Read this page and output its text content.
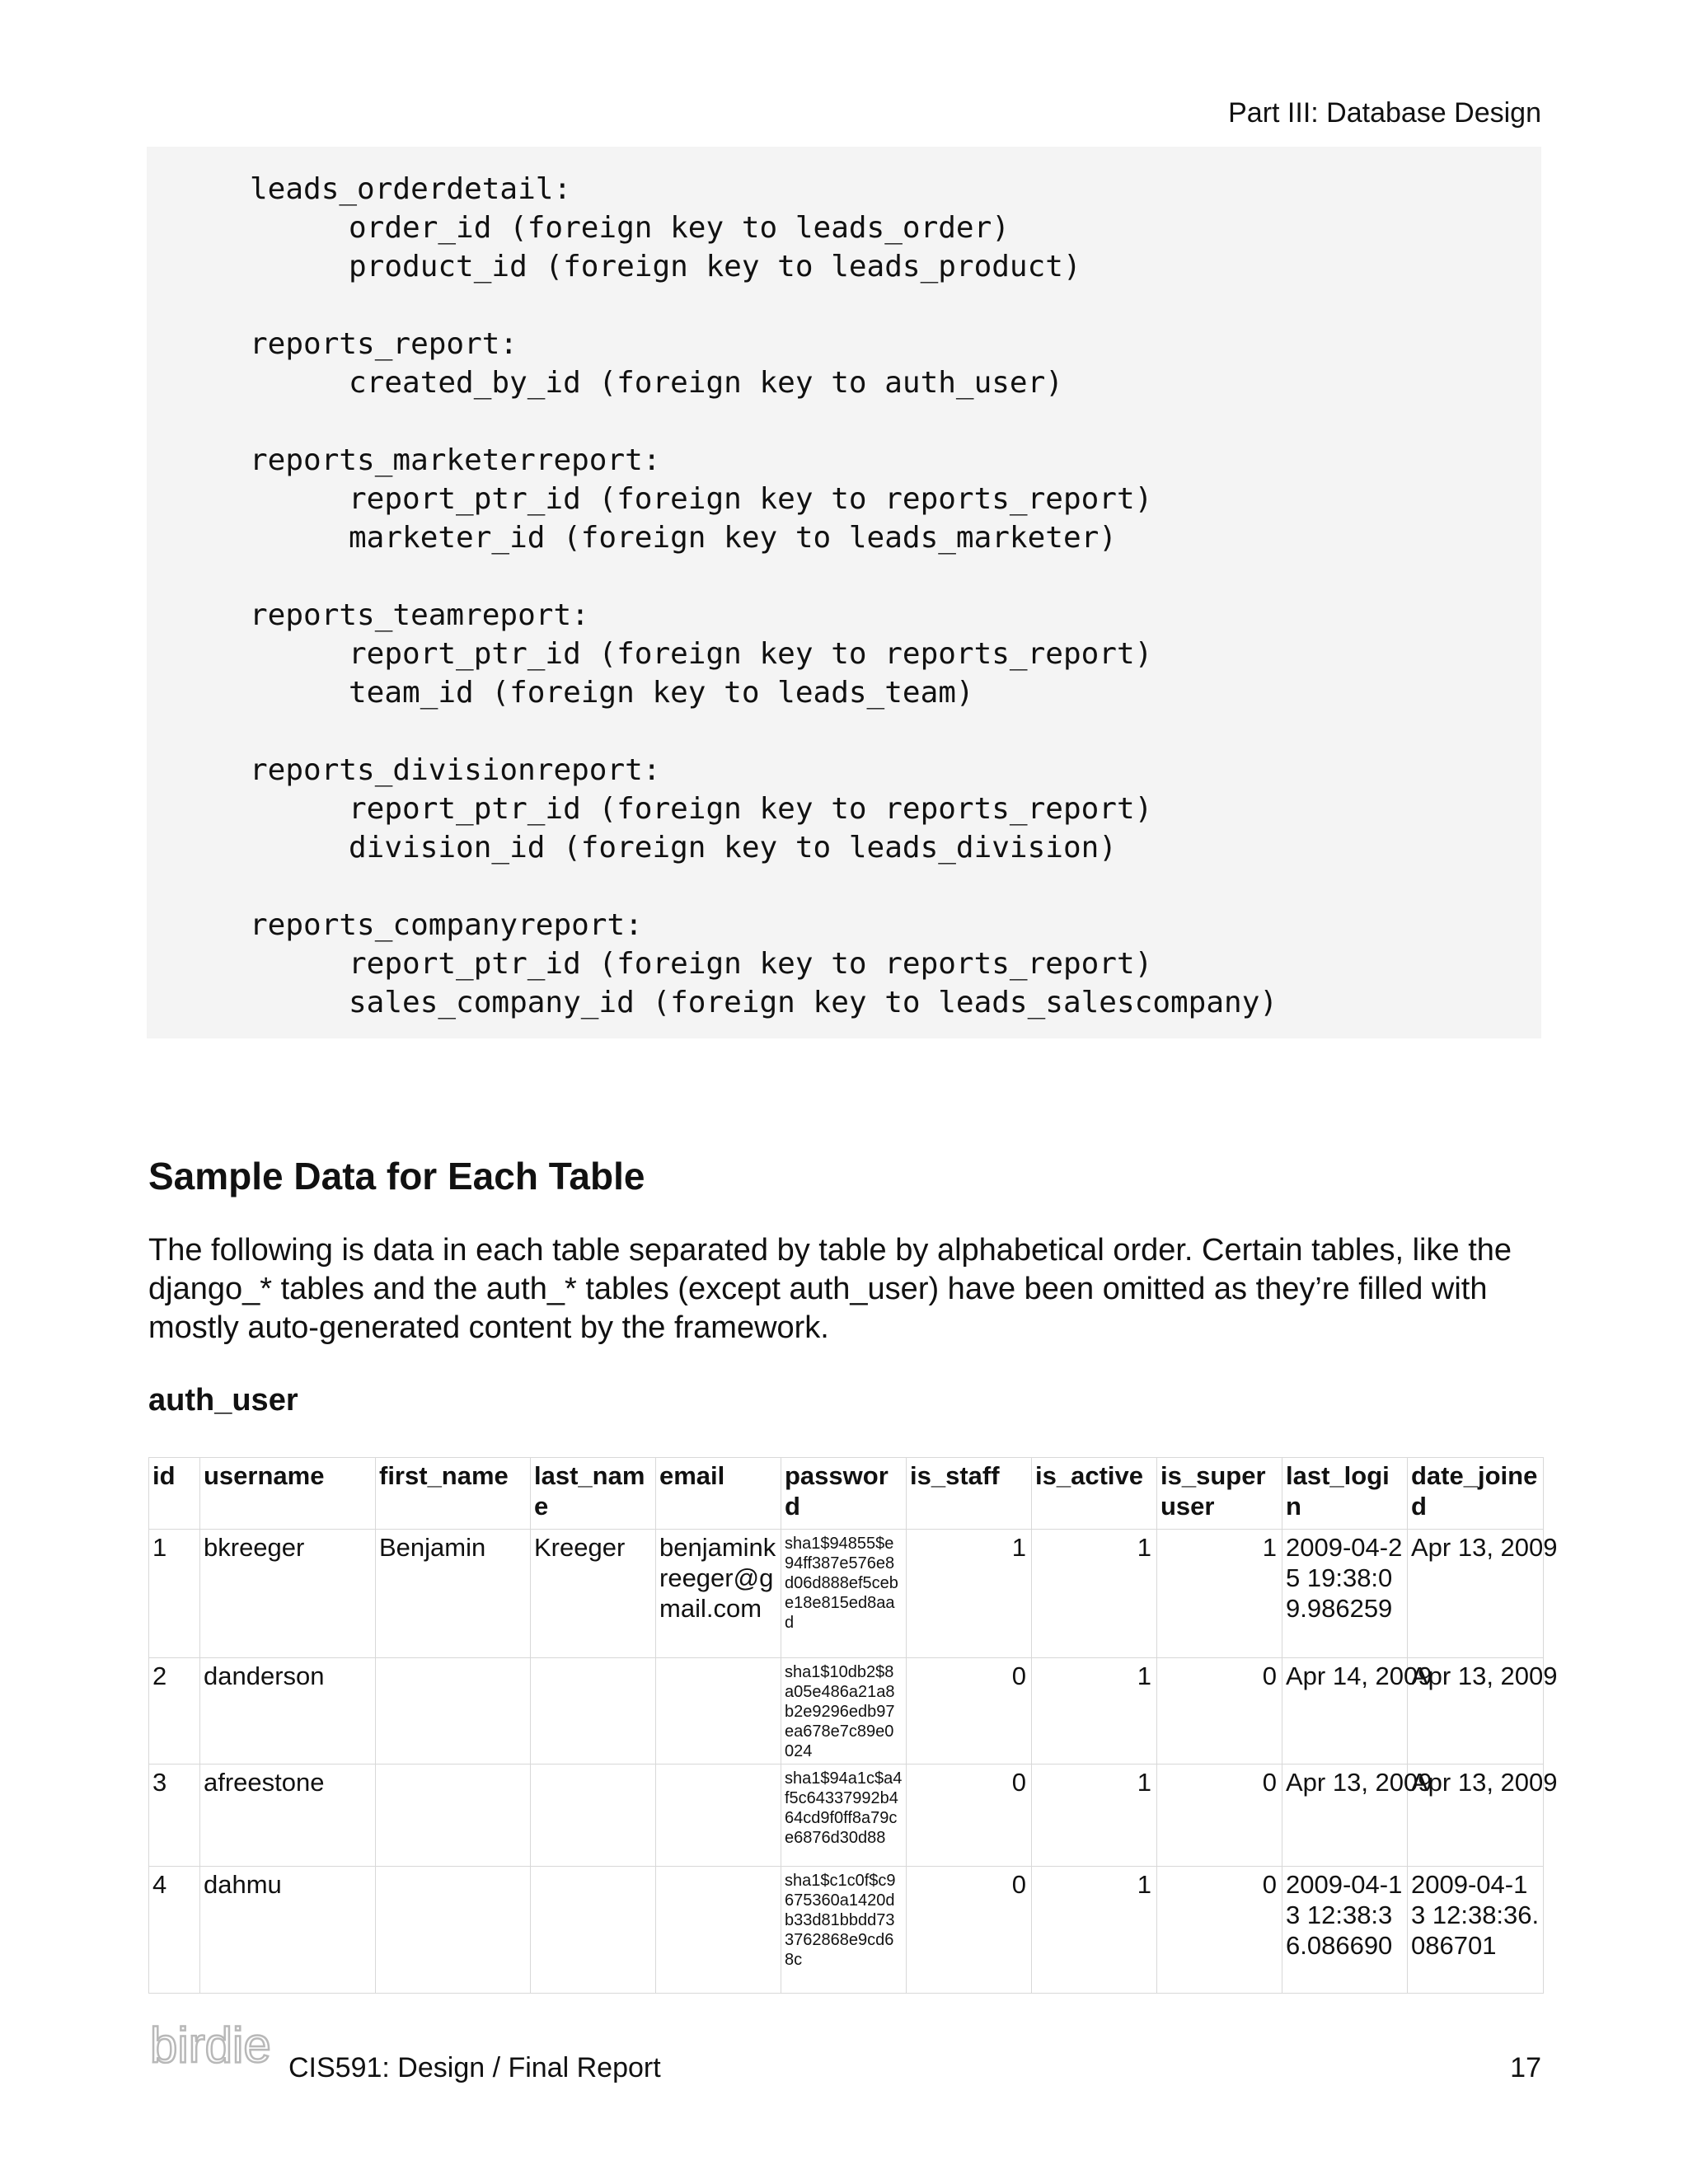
Part III: Database Design
leads_orderdetail:
order_id (foreign key to leads_order)
product_id (foreign key to leads_product)
reports_report:
created_by_id (foreign key to auth_user)
reports_marketerreport:
report_ptr_id (foreign key to reports_report)
marketer_id (foreign key to leads_marketer)
reports_teamreport:
report_ptr_id (foreign key to reports_report)
team_id (foreign key to leads_team)
reports_divisionreport:
report_ptr_id (foreign key to reports_report)
division_id (foreign key to leads_division)
reports_companyreport:
report_ptr_id (foreign key to reports_report)
sales_company_id (foreign key to leads_salescompany)
Sample Data for Each Table
The following is data in each table separated by table by alphabetical order. Certain tables, like the django_* tables and the auth_* tables (except auth_user) have been omitted as they’re filled with mostly auto-generated content by the framework.
auth_user
id	username	first_name	last_name	email	password	is_staff	is_active	is_superuser	last_login	date_joined
1	bkreeger	Benjamin	Kreeger	benjaminkreeger@gmail.com	sha1$94855$e94ff387e576e8d06d888ef5cebe18e815ed8aad	1	1	1	2009-04-25 19:38:09.986259	Apr 13, 2009
2	danderson				sha1$10db2$8a05e486a21a8b2e9296edb97ea678e7c89e0024	0	1	0	Apr 14, 2009	Apr 13, 2009
3	afreestone				sha1$94a1c$a4f5c64337992b464cd9f0ff8a79ce6876d30d88	0	1	0	Apr 13, 2009	Apr 13, 2009
4	dahmu				sha1$c1c0f$c9675360a1420db33d81bbdd733762868e9cd68c	0	1	0	2009-04-13 12:38:36.086690	2009-04-13 12:38:36.086701
birdie CIS591: Design / Final Report	17
